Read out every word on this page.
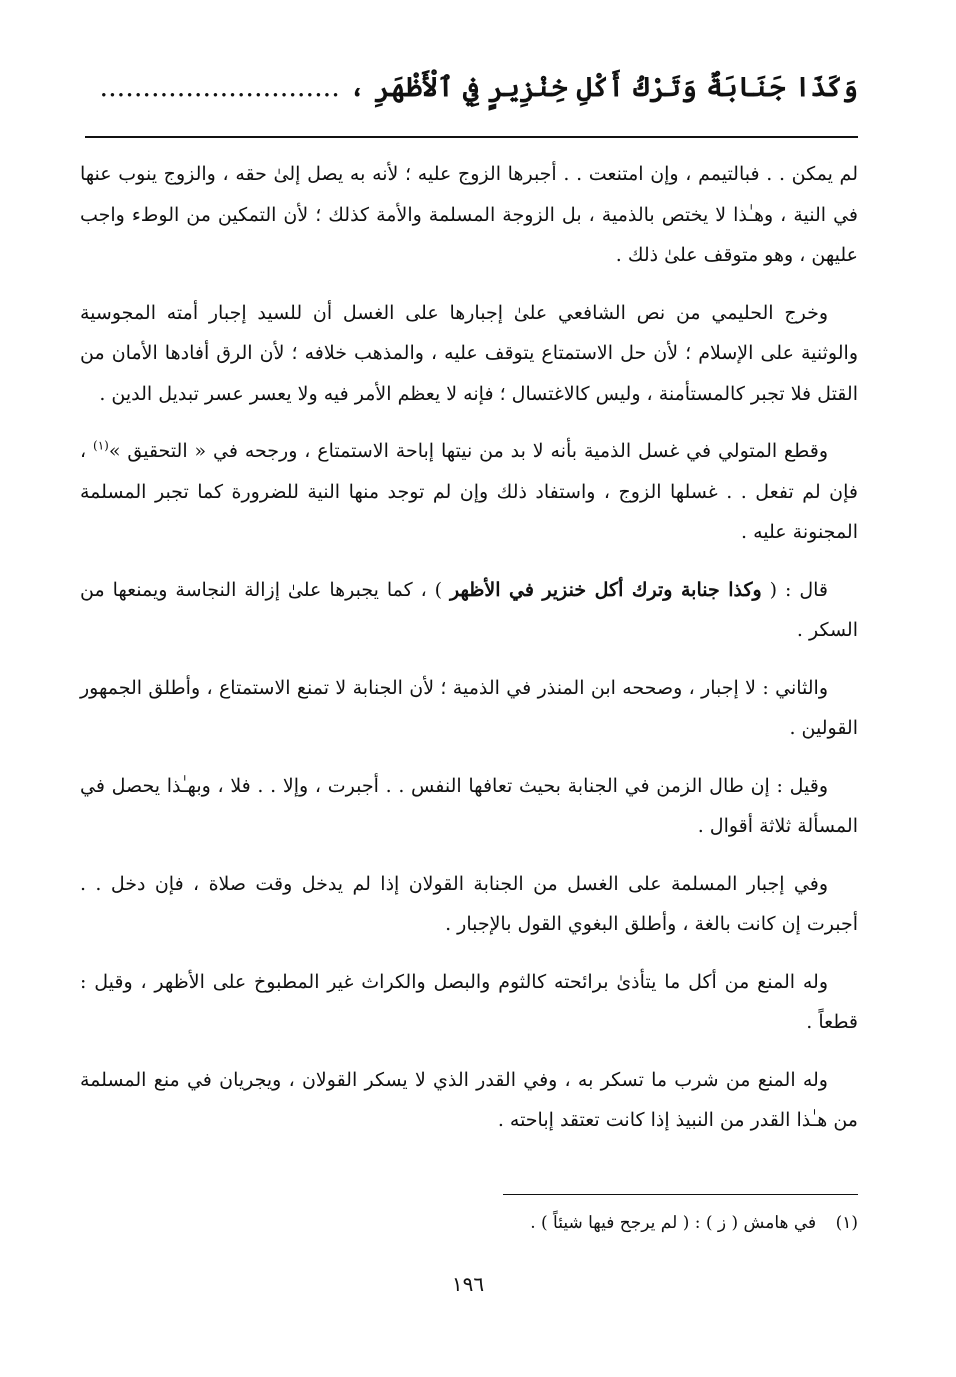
وَكَذَا جَنَابَةٌ وَتَرْكُ أَكْلِ خِنْزِيرٍ فِي ٱلْأَظْهَرِ ، ............................

لم يمكن . . فبالتيمم ، وإن امتنعت . . أجبرها الزوج عليه ؛ لأنه به يصل إلىٰ حقه ، والزوج ينوب عنها في النية ، وهـٰذا لا يختص بالذمية ، بل الزوجة المسلمة والأمة كذلك ؛ لأن التمكين من الوطء واجب عليهن ، وهو متوقف علىٰ ذلك .

وخرج الحليمي من نص الشافعي علىٰ إجبارها على الغسل أن للسيد إجبار أمته المجوسية والوثنية على الإسلام ؛ لأن حل الاستمتاع يتوقف عليه ، والمذهب خلافه ؛ لأن الرق أفادها الأمان من القتل فلا تجبر كالمستأمنة ، وليس كالاغتسال ؛ فإنه لا يعظم الأمر فيه ولا يعسر عسر تبديل الدين .

وقطع المتولي في غسل الذمية بأنه لا بد من نيتها إباحة الاستمتاع ، ورجحه في « التحقيق »$^{(١)}$ ، فإن لم تفعل . . غسلها الزوج ، واستفاد ذلك وإن لم توجد منها النية للضرورة كما تجبر المسلمة المجنونة عليه .

قال : ( وكذا جنابة وترك أكل خنزير في الأظهر ) ، كما يجبرها علىٰ إزالة النجاسة ويمنعها من السكر .

والثاني : لا إجبار ، وصححه ابن المنذر في الذمية ؛ لأن الجنابة لا تمنع الاستمتاع ، وأطلق الجمهور القولين .

وقيل : إن طال الزمن في الجنابة بحيث تعافها النفس . . أجبرت ، وإلا . . فلا ، وبهـٰذا يحصل في المسألة ثلاثة أقوال .

وفي إجبار المسلمة على الغسل من الجنابة القولان إذا لم يدخل وقت صلاة ، فإن دخل . . أجبرت إن كانت بالغة ، وأطلق البغوي القول بالإجبار .

وله المنع من أكل ما يتأذىٰ برائحته كالثوم والبصل والكراث غير المطبوخ على الأظهر ، وقيل : قطعاً .

وله المنع من شرب ما تسكر به ، وفي القدر الذي لا يسكر القولان ، ويجريان في منع المسلمة من هـٰذا القدر من النبيذ إذا كانت تعتقد إباحته .

(١) في هامش ( ز ) : ( لم يرجح فيها شيئاً ) .
١٩٦
